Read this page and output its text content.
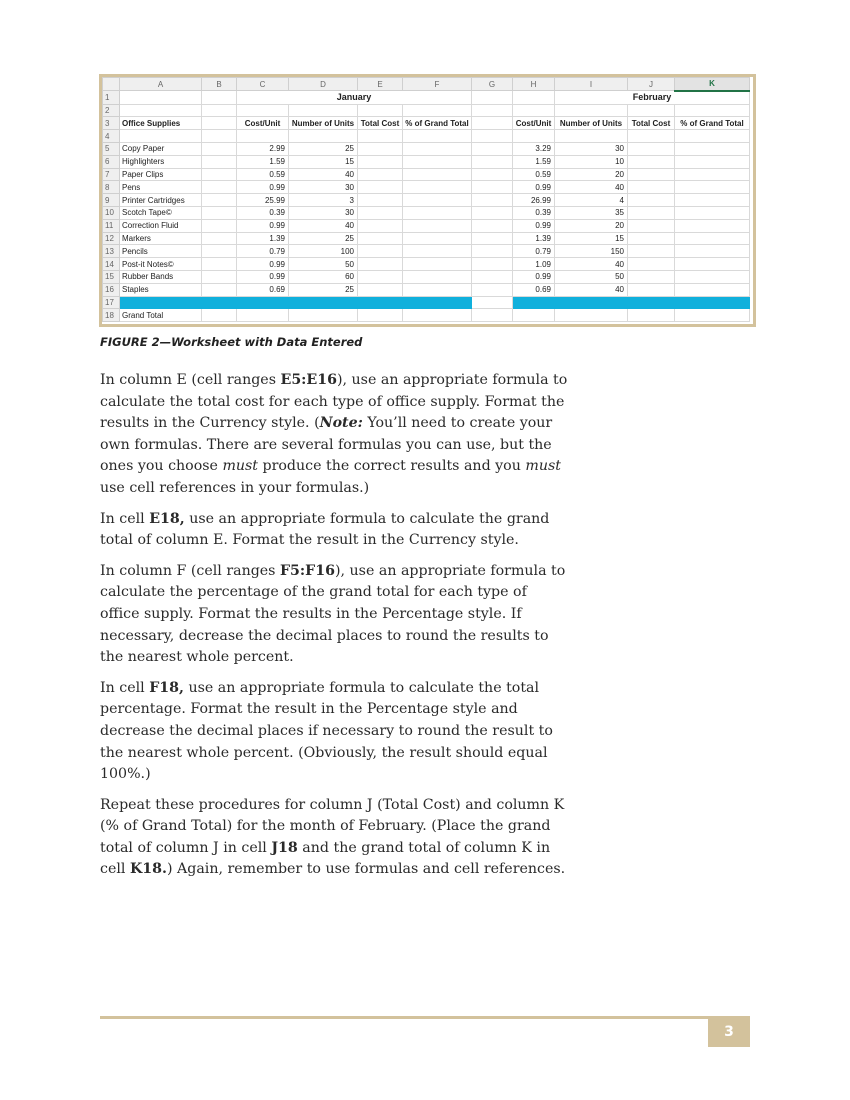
	A	B	C	D	E	F	G	H	I	J	K
1			January						February		
2											
3	Office Supplies		Cost/Unit	Number of Units	Total Cost	% of Grand Total		Cost/Unit	Number of Units	Total Cost	% of Grand Total
4											
5	Copy Paper		2.99	25				3.29	30		
6	Highlighters		1.59	15				1.59	10		
7	Paper Clips		0.59	40				0.59	20		
8	Pens		0.99	30				0.99	40		
9	Printer Cartridges		25.99	3				26.99	4		
10	Scotch Tape©		0.39	30				0.39	35		
11	Correction Fluid		0.99	40				0.99	20		
12	Markers		1.39	25				1.39	15		
13	Pencils		0.79	100				0.79	150		
14	Post-it Notes©		0.99	50				1.09	40		
15	Rubber Bands		0.99	60				0.99	50		
16	Staples		0.69	25				0.69	40		
17											
18	Grand Total										
FIGURE 2—Worksheet with Data Entered

In column E (cell ranges E5:E16), use an appropriate formula to calculate the total cost for each type of office supply. Format the results in the Currency style. (Note: You’ll need to create your own formulas. There are several formulas you can use, but the ones you choose must produce the correct results and you must use cell references in your formulas.)

In cell E18, use an appropriate formula to calculate the grand total of column E. Format the result in the Currency style.

In column F (cell ranges F5:F16), use an appropriate formula to calculate the percentage of the grand total for each type of office supply. Format the results in the Percentage style. If necessary, decrease the decimal places to round the results to the nearest whole percent.

In cell F18, use an appropriate formula to calculate the total percentage. Format the result in the Percentage style and decrease the decimal places if necessary to round the result to the nearest whole percent. (Obviously, the result should equal 100%.)

Repeat these procedures for column J (Total Cost) and column K (% of Grand Total) for the month of February. (Place the grand total of column J in cell J18 and the grand total of column K in cell K18.) Again, remember to use formulas and cell references.

3
